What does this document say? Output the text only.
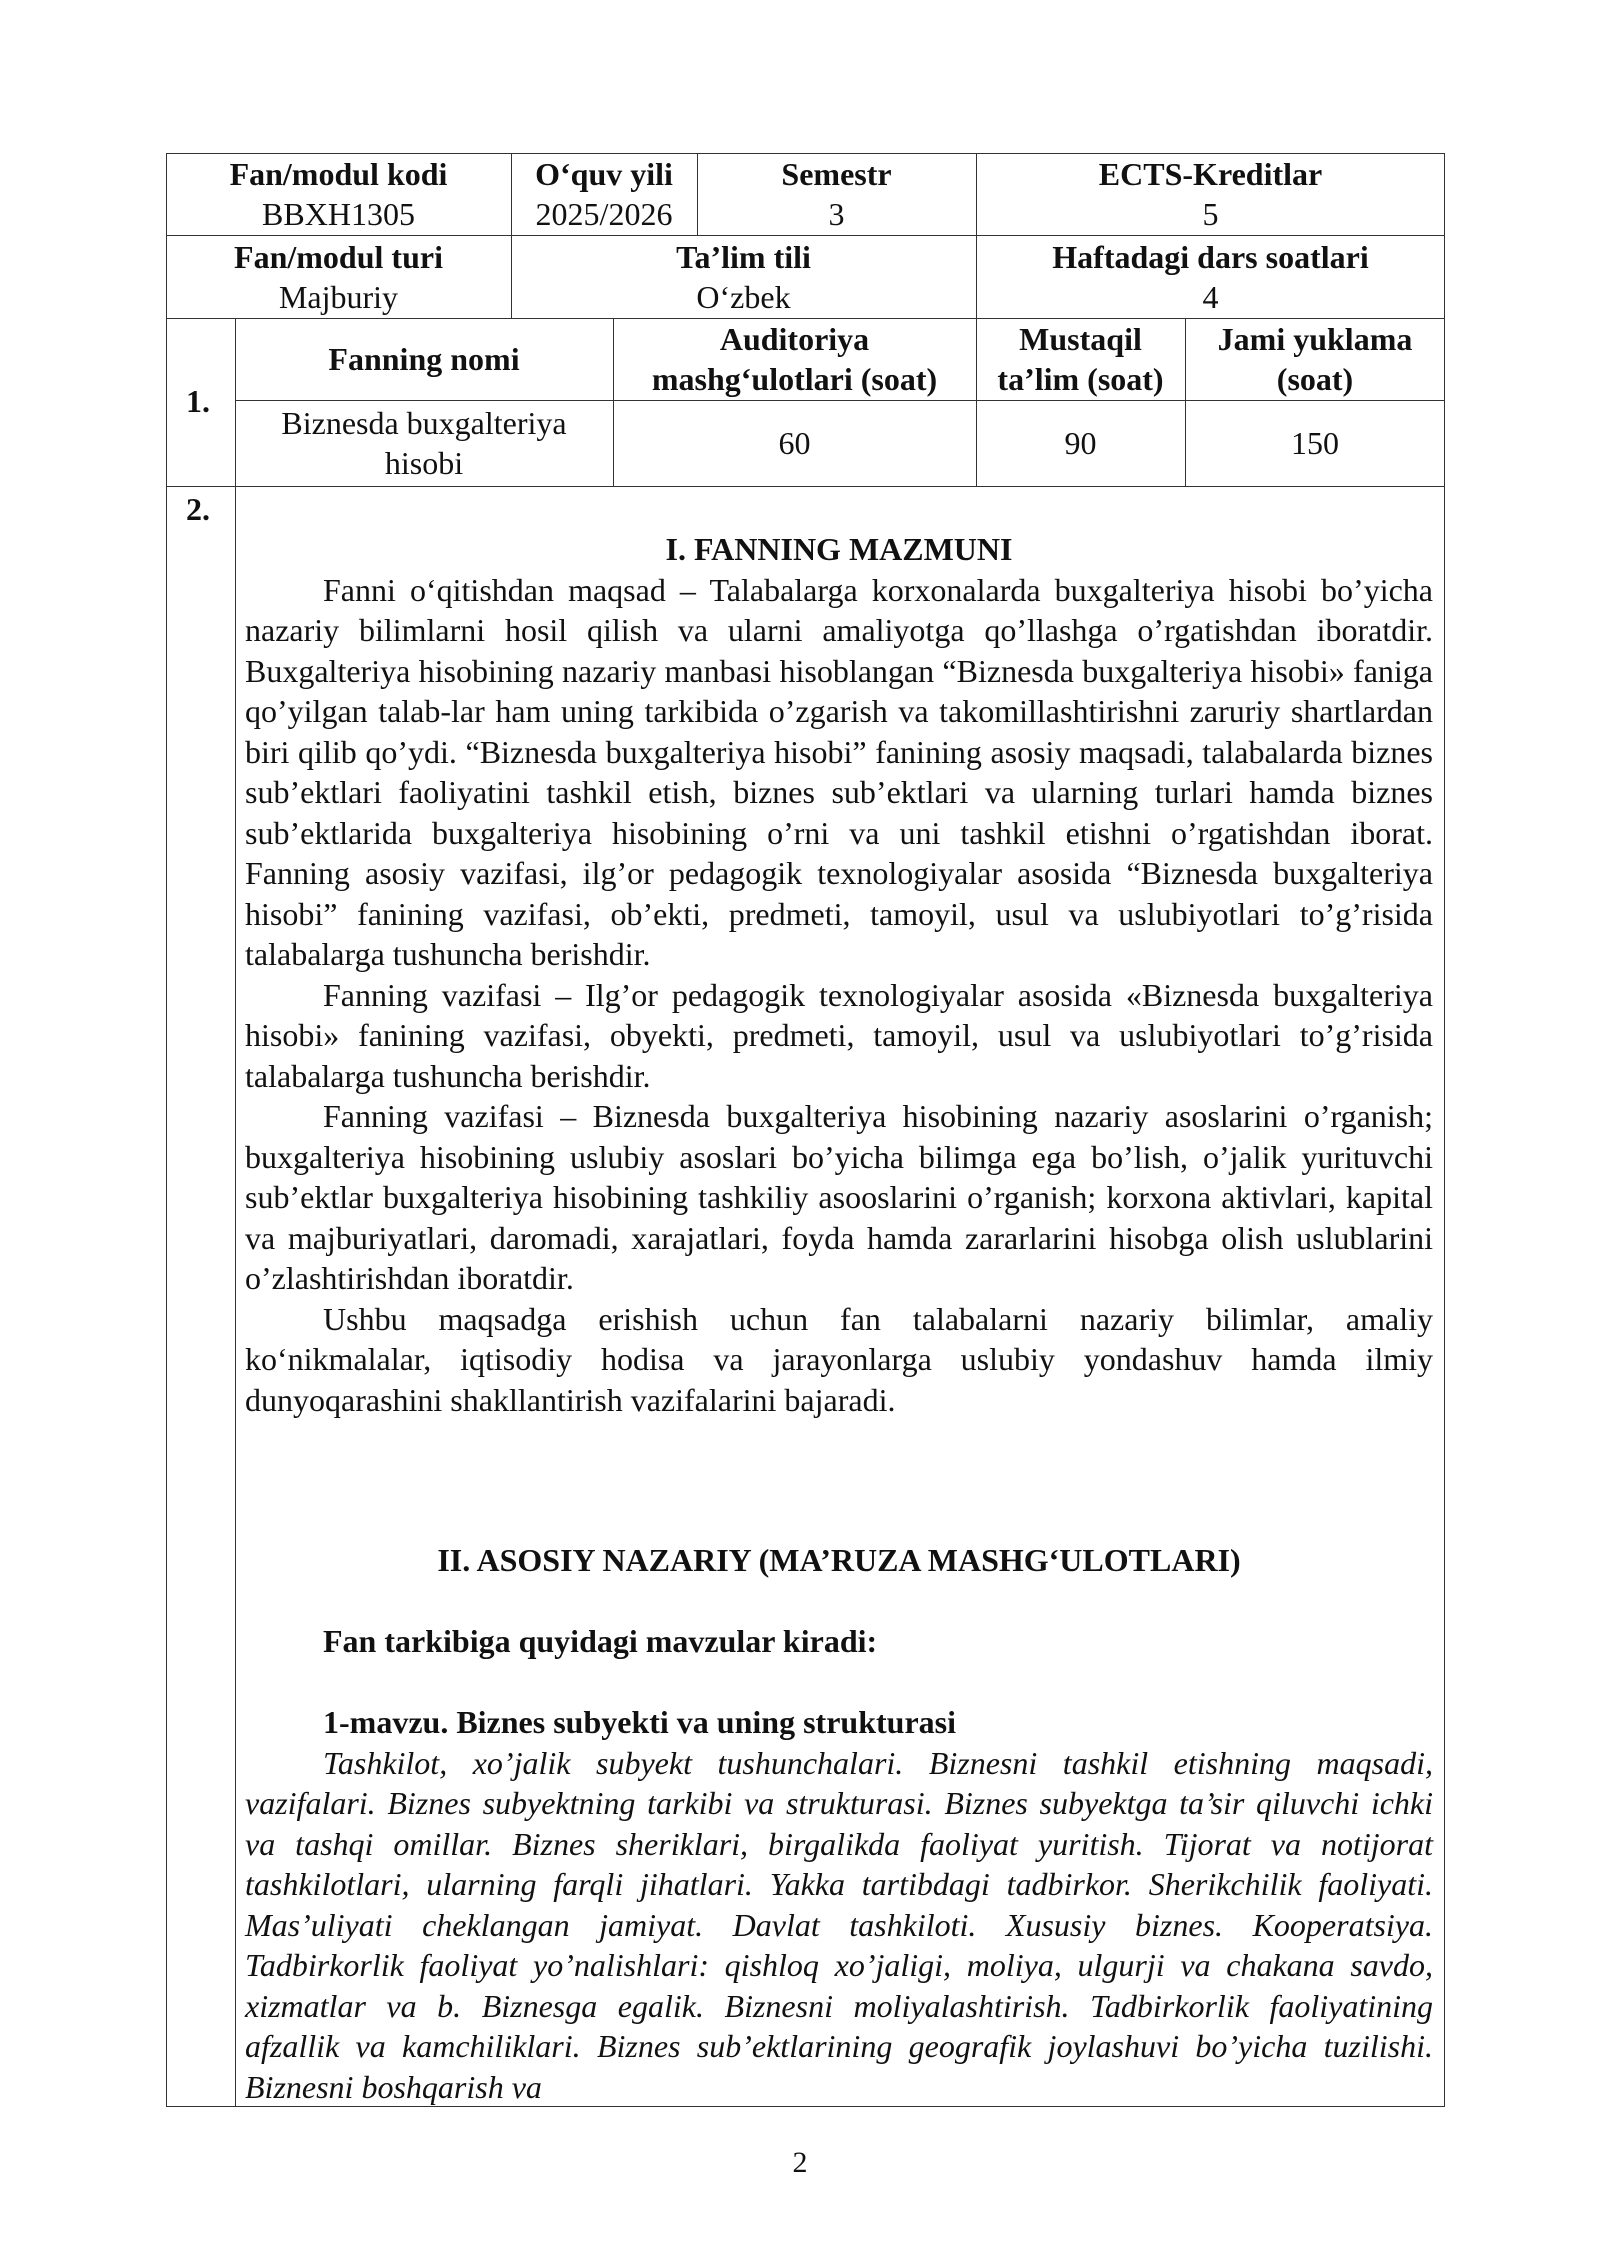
Fan/modul kodi
BBXH1305
O‘quv yili
2025/2026
Semestr
3
ECTS-Kreditlar
5
Fan/modul turi
Majburiy
Ta’lim tili
O‘zbek
Haftadagi dars soatlari
4
1.
Fanning nomi
Auditoriya
mashg‘ulotlari (soat)
Mustaqil
ta’lim (soat)
Jami yuklama
(soat)
Biznesda buxgalteriya
hisobi
60	90	150
2.
I. FANNING MAZMUNI

Fanni o‘qitishdan maqsad – Talabalarga korxonalarda buxgalteriya hisobi bo’yicha nazariy bilimlarni hosil qilish va ularni amaliyotga qo’llashga o’rgatishdan iboratdir. Buxgalteriya hisobining nazariy manbasi hisoblangan “Biznesda buxgalteriya hisobi» faniga qo’yilgan talab-lar ham uning tarkibida o’zgarish va takomillashtirishni zaruriy shartlardan biri qilib qo’ydi. “Biznesda buxgalteriya hisobi” fanining asosiy maqsadi, talabalarda biznes sub’ektlari faoliyatini tashkil etish, biznes sub’ektlari va ularning turlari hamda biznes sub’ektlarida buxgalteriya hisobining o’rni va uni tashkil etishni o’rgatishdan iborat. Fanning asosiy vazifasi, ilg’or pedagogik texnologiyalar asosida “Biznesda buxgalteriya hisobi” fanining vazifasi, ob’ekti, predmeti, tamoyil, usul va uslubiyotlari to’g’risida talabalarga tushuncha berishdir.

Fanning vazifasi – Ilg’or pedagogik texnologiyalar asosida «Biznesda buxgalteriya hisobi» fanining vazifasi, obyekti, predmeti, tamoyil, usul va uslubiyotlari to’g’risida talabalarga tushuncha berishdir.

Fanning vazifasi – Biznesda buxgalteriya hisobining nazariy asoslarini o’rganish; buxgalteriya hisobining uslubiy asoslari bo’yicha bilimga ega bo’lish, o’jalik yurituvchi sub’ektlar buxgalteriya hisobining tashkiliy asooslarini o’rganish; korxona aktivlari, kapital va majburiyatlari, daromadi, xarajatlari, foyda hamda zararlarini hisobga olish uslublarini o’zlashtirishdan iboratdir.

Ushbu maqsadga erishish uchun fan talabalarni nazariy bilimlar, amaliy ko‘nikmalalar, iqtisodiy hodisa va jarayonlarga uslubiy yondashuv hamda ilmiy dunyoqarashini shakllantirish vazifalarini bajaradi.

II. ASOSIY NAZARIY (MA’RUZA MASHG‘ULOTLARI)
Fan tarkibiga quyidagi mavzular kiradi:
1-mavzu. Biznes subyekti va uning strukturasi

Tashkilot, xo’jalik subyekt tushunchalari. Biznesni tashkil etishning maqsadi, vazifalari. Biznes subyektning tarkibi va strukturasi. Biznes subyektga ta’sir qiluvchi ichki va tashqi omillar. Biznes sheriklari, birgalikda faoliyat yuritish. Tijorat va notijorat tashkilotlari, ularning farqli jihatlari. Yakka tartibdagi tadbirkor. Sherikchilik faoliyati. Mas’uliyati cheklangan jamiyat. Davlat tashkiloti. Xususiy biznes. Kooperatsiya. Tadbirkorlik faoliyat yo’nalishlari: qishloq xo’jaligi, moliya, ulgurji va chakana savdo, xizmatlar va b. Biznesga egalik. Biznesni moliyalashtirish. Tadbirkorlik faoliyatining afzallik va kamchiliklari. Biznes sub’ektlarining geografik joylashuvi bo’yicha tuzilishi. Biznesni boshqarish va

2
